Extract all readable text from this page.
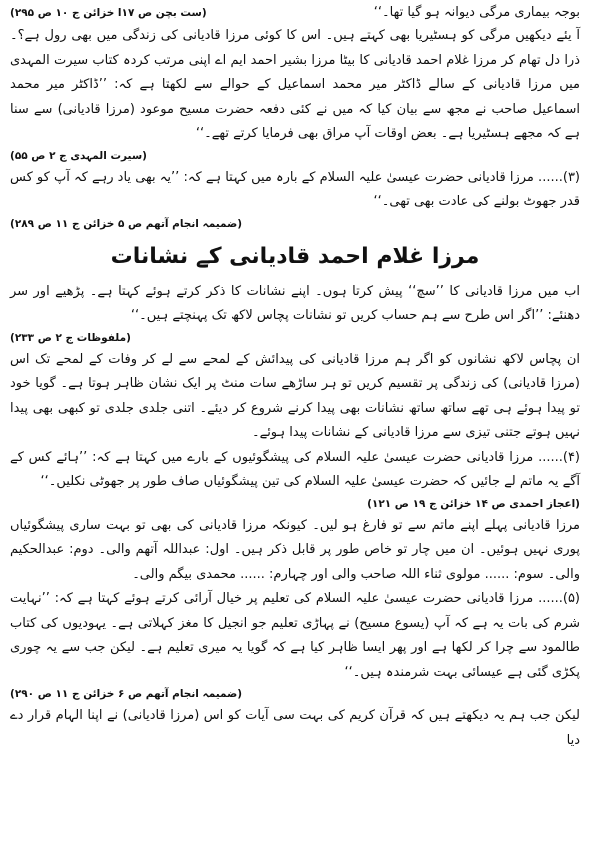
بوجہ بیماری مرگی دیوانہ ہو گیا تھا۔‘‘
(ست بچن ص ۱۷ا خزائن ج ۱۰ ص ۲۹۵)

آ یئے دیکھیں مرگی کو ہسٹیریا بھی کہتے ہیں۔ اس کا کوئی مرزا قادیانی کی زندگی میں بھی رول ہے؟۔ ذرا دل تھام کر مرزا غلام احمد قادیانی کا بیٹا مرزا بشیر احمد ایم اے اپنی مرتب کردہ کتاب سیرت المہدی میں مرزا قادیانی کے سالے ڈاکٹر میر محمد اسماعیل کے حوالے سے لکھتا ہے کہ: ’’ڈاکٹر میر محمد اسماعیل صاحب نے مجھ سے بیان کیا کہ میں نے کئی دفعہ حضرت مسیح موعود (مرزا قادیانی) سے سنا ہے کہ مجھے ہسٹیریا ہے۔ بعض اوقات آپ مراق بھی فرمایا کرتے تھے۔‘‘

(سیرت المہدی ج ۲ ص ۵۵)

(۳)...... مرزا قادیانی حضرت عیسیٰ علیہ السلام کے بارہ میں کہتا ہے کہ: ’’یہ بھی یاد رہے کہ آپ کو کس قدر جھوٹ بولنے کی عادت بھی تھی۔‘‘

(ضمیمہ انجام آتھم ص ۵ خزائن ج ۱۱ ص ۲۸۹)

مرزا غلام احمد قادیانی کے نشانات

اب میں مرزا قادیانی کا ’’سچ‘‘ پیش کرتا ہوں۔ اپنے نشانات کا ذکر کرتے ہوئے کہتا ہے۔ پڑھیے اور سر دھنئے: ’’اگر اس طرح سے ہم حساب کریں تو نشانات پچاس لاکھ تک پہنچتے ہیں۔‘‘

(ملفوظات ج ۲ ص ۲۳۳)

ان پچاس لاکھ نشانوں کو اگر ہم مرزا قادیانی کی پیدائش کے لمحے سے لے کر وفات کے لمحے تک اس (مرزا قادیانی) کی زندگی پر تقسیم کریں تو ہر ساڑھے سات منٹ پر ایک نشان ظاہر ہوتا ہے۔ گویا خود تو پیدا ہوئے ہی تھے ساتھ ساتھ نشانات بھی پیدا کرنے شروع کر دیئے۔ اتنی جلدی جلدی تو کبھی بھی پیدا نہیں ہوتے جتنی تیزی سے مرزا قادیانی کے نشانات پیدا ہوئے۔

(۴)...... مرزا قادیانی حضرت عیسیٰ علیہ السلام کی پیشگوئیوں کے بارے میں کہتا ہے کہ: ’’ہائے کس کے آگے یہ ماتم لے جائیں کہ حضرت عیسیٰ علیہ السلام کی تین پیشگوئیاں صاف طور پر جھوٹی نکلیں۔‘‘

(اعجاز احمدی ص ۱۴ خزائن ج ۱۹ ص ۱۲۱)

مرزا قادیانی پہلے اپنے ماتم سے تو فارغ ہو لیں۔ کیونکہ مرزا قادیانی کی بھی تو بہت ساری پیشگوئیاں پوری نہیں ہوئیں۔ ان میں چار تو خاص طور پر قابل ذکر ہیں۔ اول: عبداللہ آتھم والی۔ دوم: عبدالحکیم والی۔ سوم: ...... مولوی ثناء اللہ صاحب والی اور چہارم: ...... محمدی بیگم والی۔

(۵)...... مرزا قادیانی حضرت عیسیٰ علیہ السلام کی تعلیم پر خیال آرائی کرتے ہوئے کہتا ہے کہ: ’’نہایت شرم کی بات یہ ہے کہ آپ (یسوع مسیح) نے پہاڑی تعلیم جو انجیل کا مغز کہلاتی ہے۔ یہودیوں کی کتاب طالمود سے چرا کر لکھا ہے اور پھر ایسا ظاہر کیا ہے کہ گویا یہ میری تعلیم ہے۔ لیکن جب سے یہ چوری پکڑی گئی ہے عیسائی بہت شرمندہ ہیں۔‘‘

(ضمیمہ انجام آتھم ص ۶ خزائن ج ۱۱ ص ۲۹۰)

لیکن جب ہم یہ دیکھتے ہیں کہ قرآن کریم کی بہت سی آیات کو اس (مرزا قادیانی) نے اپنا الہام قرار دے دیا
